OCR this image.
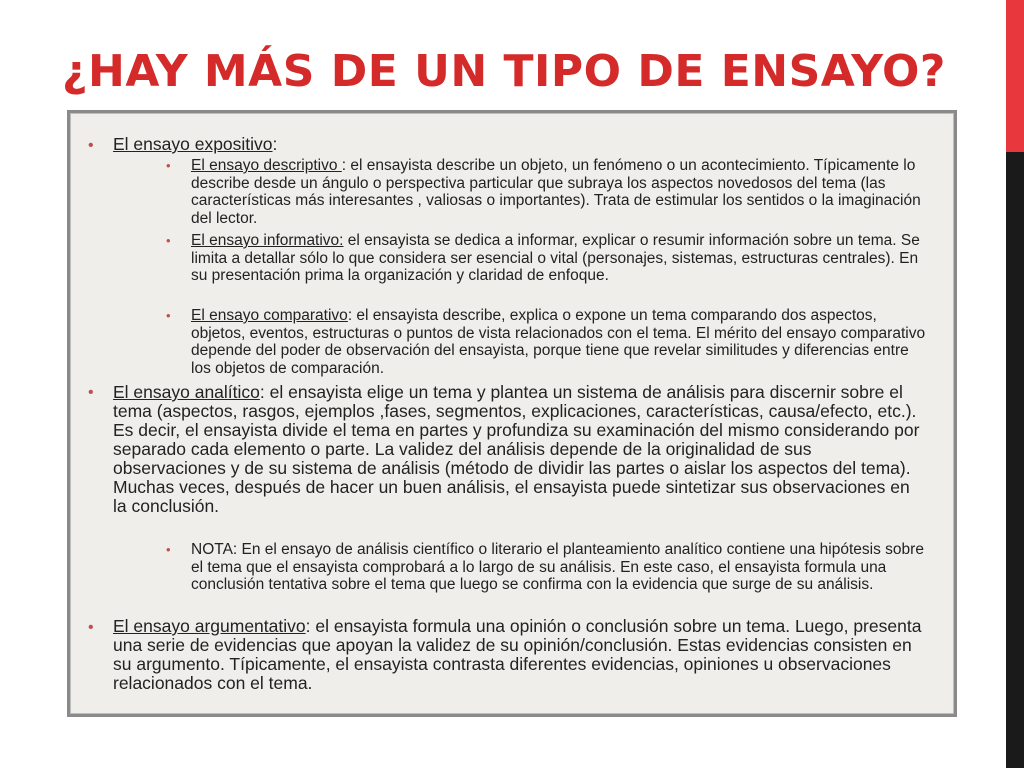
¿HAY MÁS DE UN TIPO DE ENSAYO?
• El ensayo expositivo:

• El ensayo descriptivo : el ensayista describe un objeto, un fenómeno o un acontecimiento. Típicamente lo describe desde un ángulo o perspectiva particular que subraya los aspectos novedosos del tema (las características más interesantes , valiosas o importantes). Trata de estimular los sentidos o la imaginación del lector.

• El ensayo informativo: el ensayista se dedica a informar, explicar o resumir información sobre un tema. Se limita a detallar sólo lo que considera ser esencial o vital (personajes, sistemas, estructuras centrales). En su presentación prima la organización y claridad de enfoque.

• El ensayo comparativo: el ensayista describe, explica o expone un tema comparando dos aspectos, objetos, eventos, estructuras o puntos de vista relacionados con el tema. El mérito del ensayo comparativo depende del poder de observación del ensayista, porque tiene que revelar similitudes y diferencias entre los objetos de comparación.

• El ensayo analítico: el ensayista elige un tema y plantea un sistema de análisis para discernir sobre el tema (aspectos, rasgos, ejemplos ,fases, segmentos, explicaciones, características, causa/efecto, etc.). Es decir, el ensayista divide el tema en partes y profundiza su examinación del mismo considerando por separado cada elemento o parte. La validez del análisis depende de la originalidad de sus observaciones y de su sistema de análisis (método de dividir las partes o aislar los aspectos del tema). Muchas veces, después de hacer un buen análisis, el ensayista puede sintetizar sus observaciones en la conclusión.

• NOTA: En el ensayo de análisis científico o literario el planteamiento analítico contiene una hipótesis sobre el tema que el ensayista comprobará a lo largo de su análisis. En este caso, el ensayista formula una conclusión tentativa sobre el tema que luego se confirma con la evidencia que surge de su análisis.

• El ensayo argumentativo: el ensayista formula una opinión o conclusión sobre un tema. Luego, presenta una serie de evidencias que apoyan la validez de su opinión/conclusión. Estas evidencias consisten en su argumento. Típicamente, el ensayista contrasta diferentes evidencias, opiniones u observaciones relacionados con el tema.
